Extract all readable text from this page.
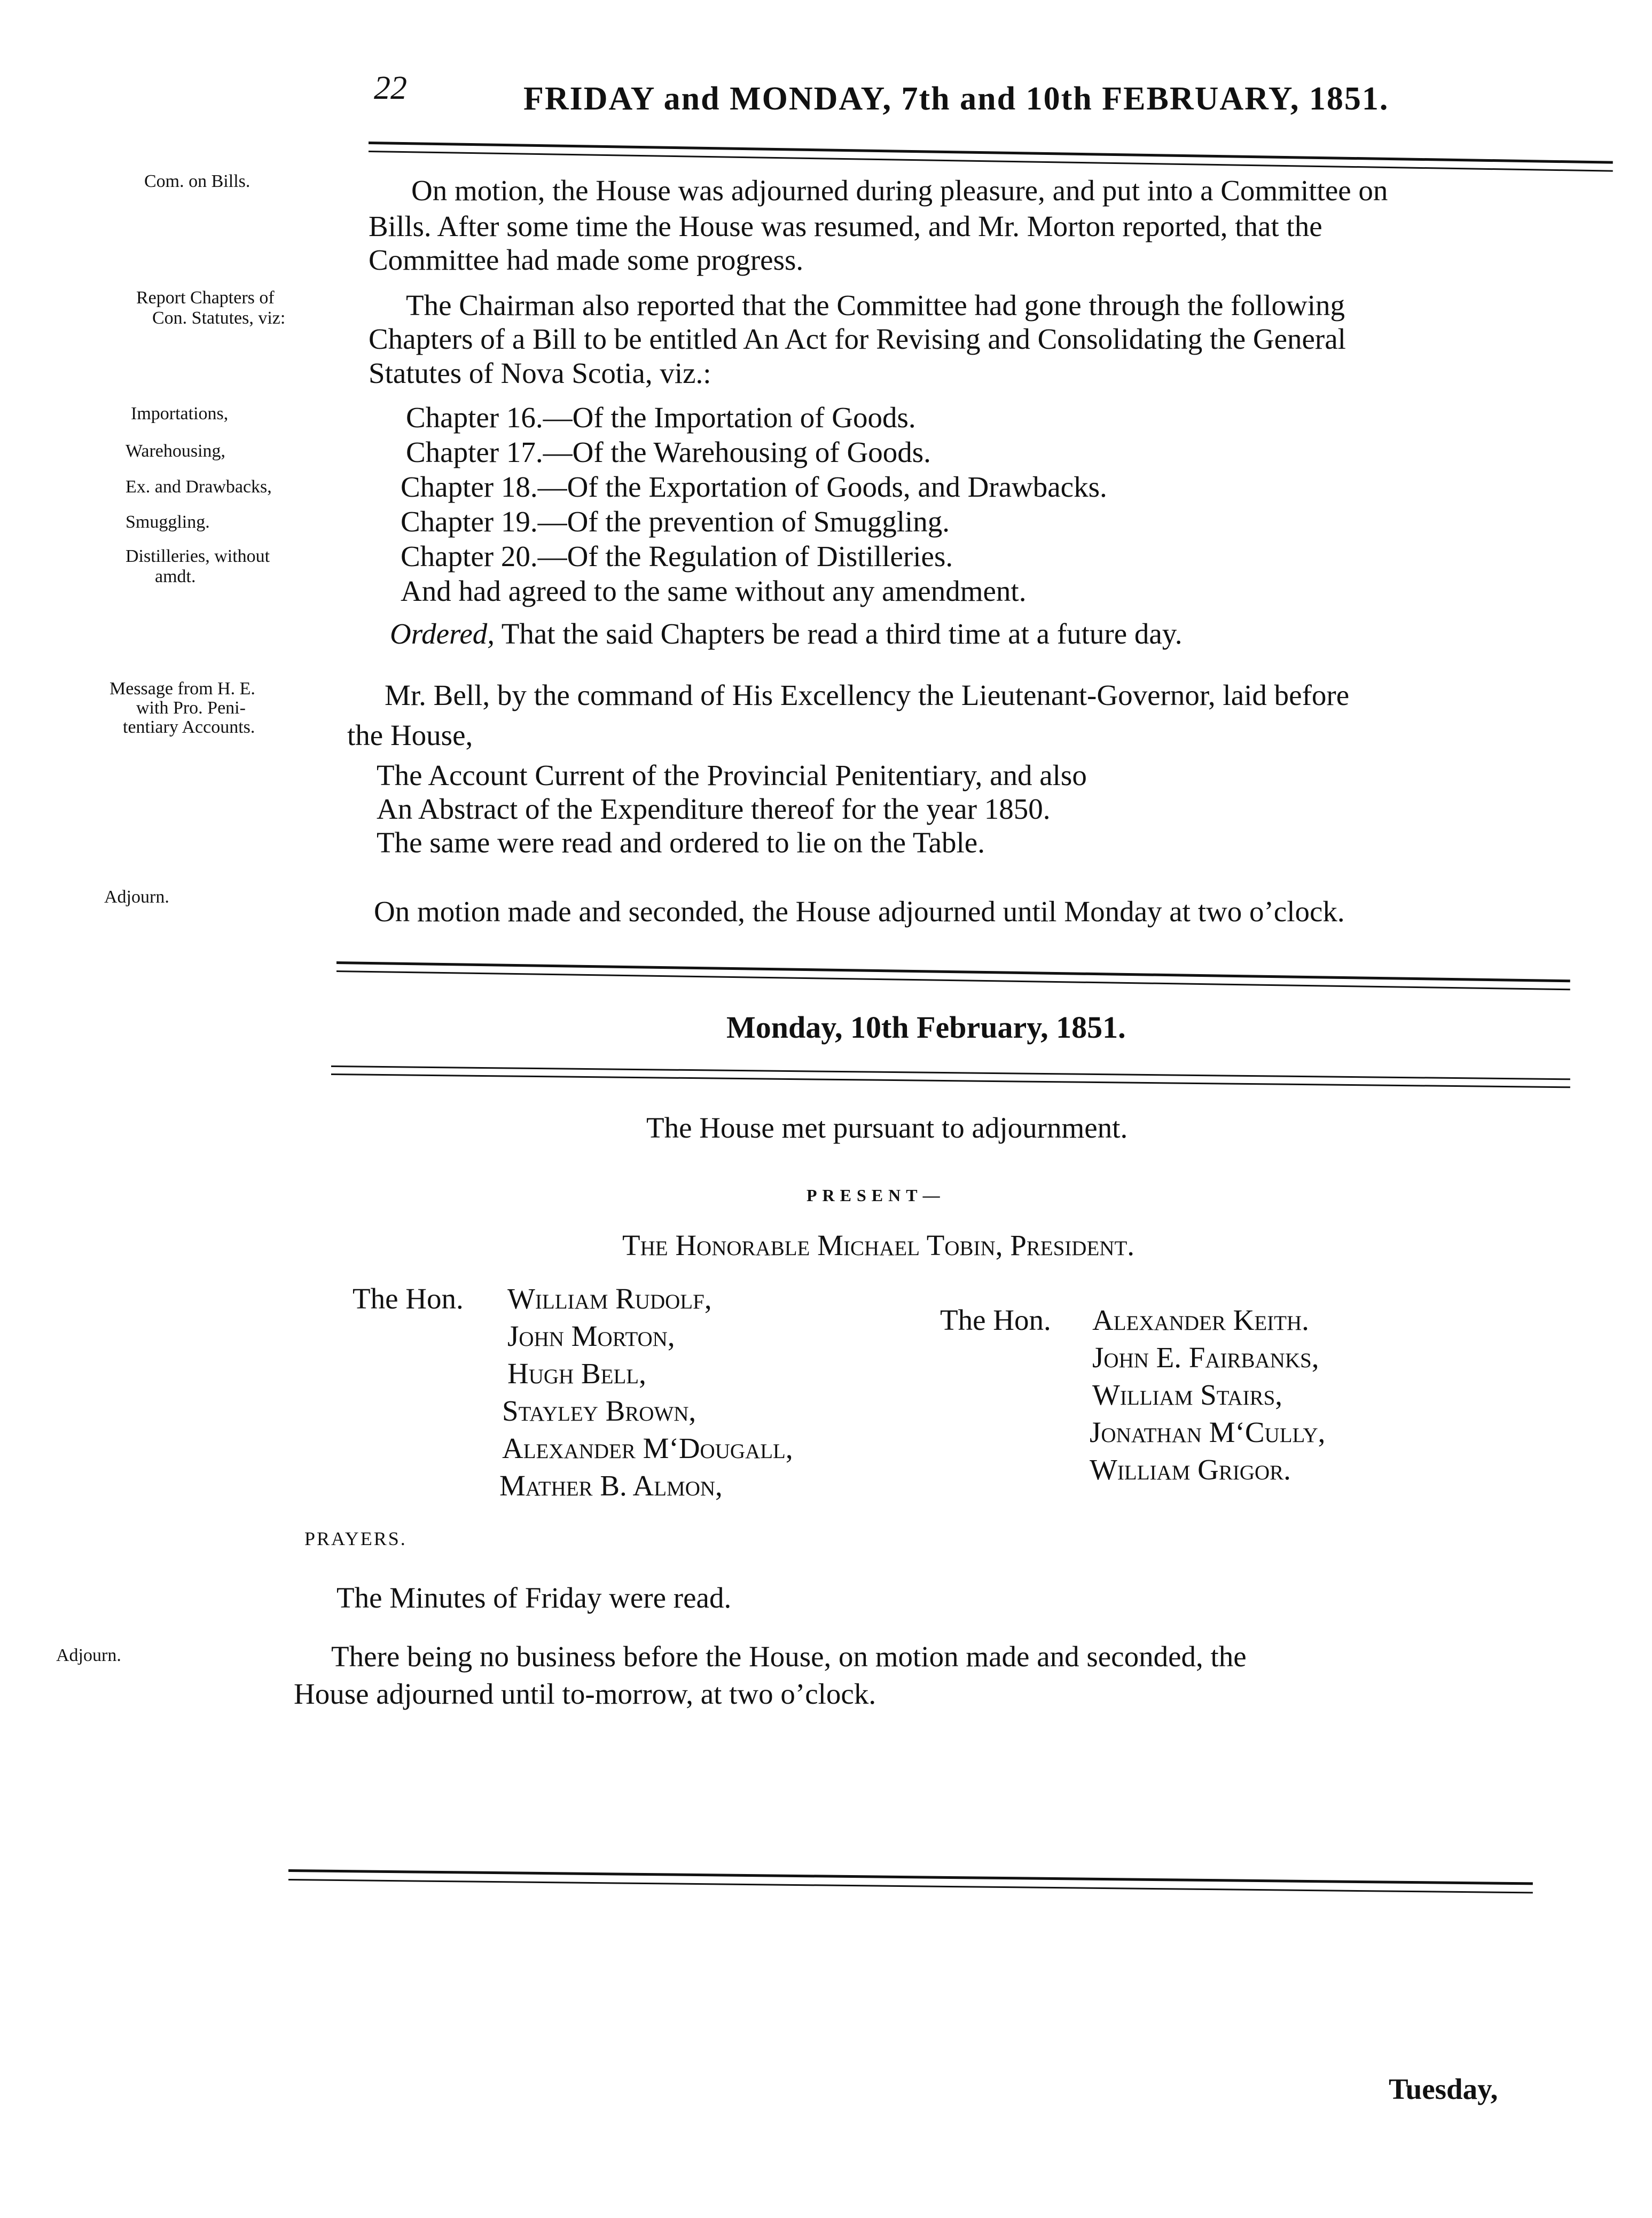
22	FRIDAY and MONDAY, 7th and 10th FEBRUARY, 1851.
Com. on Bills.
Report Chapters of
Con. Statutes, viz:
Importations,
Warehousing,
Ex. and Drawbacks,
Smuggling.
Distilleries, without
amdt.
Message from H. E.
with Pro. Peni-
tentiary Accounts.
Adjourn.
Adjourn.
On motion, the House was adjourned during pleasure, and put into a Committee on
Bills. After some time the House was resumed, and Mr. Morton reported, that the
Committee had made some progress.
The Chairman also reported that the Committee had gone through the following
Chapters of a Bill to be entitled An Act for Revising and Consolidating the General
Statutes of Nova Scotia, viz.:
Chapter 16.—Of the Importation of Goods.
Chapter 17.—Of the Warehousing of Goods.
Chapter 18.—Of the Exportation of Goods, and Drawbacks.
Chapter 19.—Of the prevention of Smuggling.
Chapter 20.—Of the Regulation of Distilleries.
And had agreed to the same without any amendment.
Ordered, That the said Chapters be read a third time at a future day.
Mr. Bell, by the command of His Excellency the Lieutenant-Governor, laid before
the House,
The Account Current of the Provincial Penitentiary, and also
An Abstract of the Expenditure thereof for the year 1850.
The same were read and ordered to lie on the Table.
On motion made and seconded, the House adjourned until Monday at two o’clock.
Monday, 10th February, 1851.
The House met pursuant to adjournment.
PRESENT—
The Honorable Michael Tobin, President.
The Hon. William Rudolf,
John Morton,
Hugh Bell,
Stayley Brown,
Alexander M‘Dougall,
Mather B. Almon,
The Hon. Alexander Keith.
John E. Fairbanks,
William Stairs,
Jonathan M‘Cully,
William Grigor.
PRAYERS.
The Minutes of Friday were read.
There being no business before the House, on motion made and seconded, the
House adjourned until to-morrow, at two o’clock.
Tuesday,
